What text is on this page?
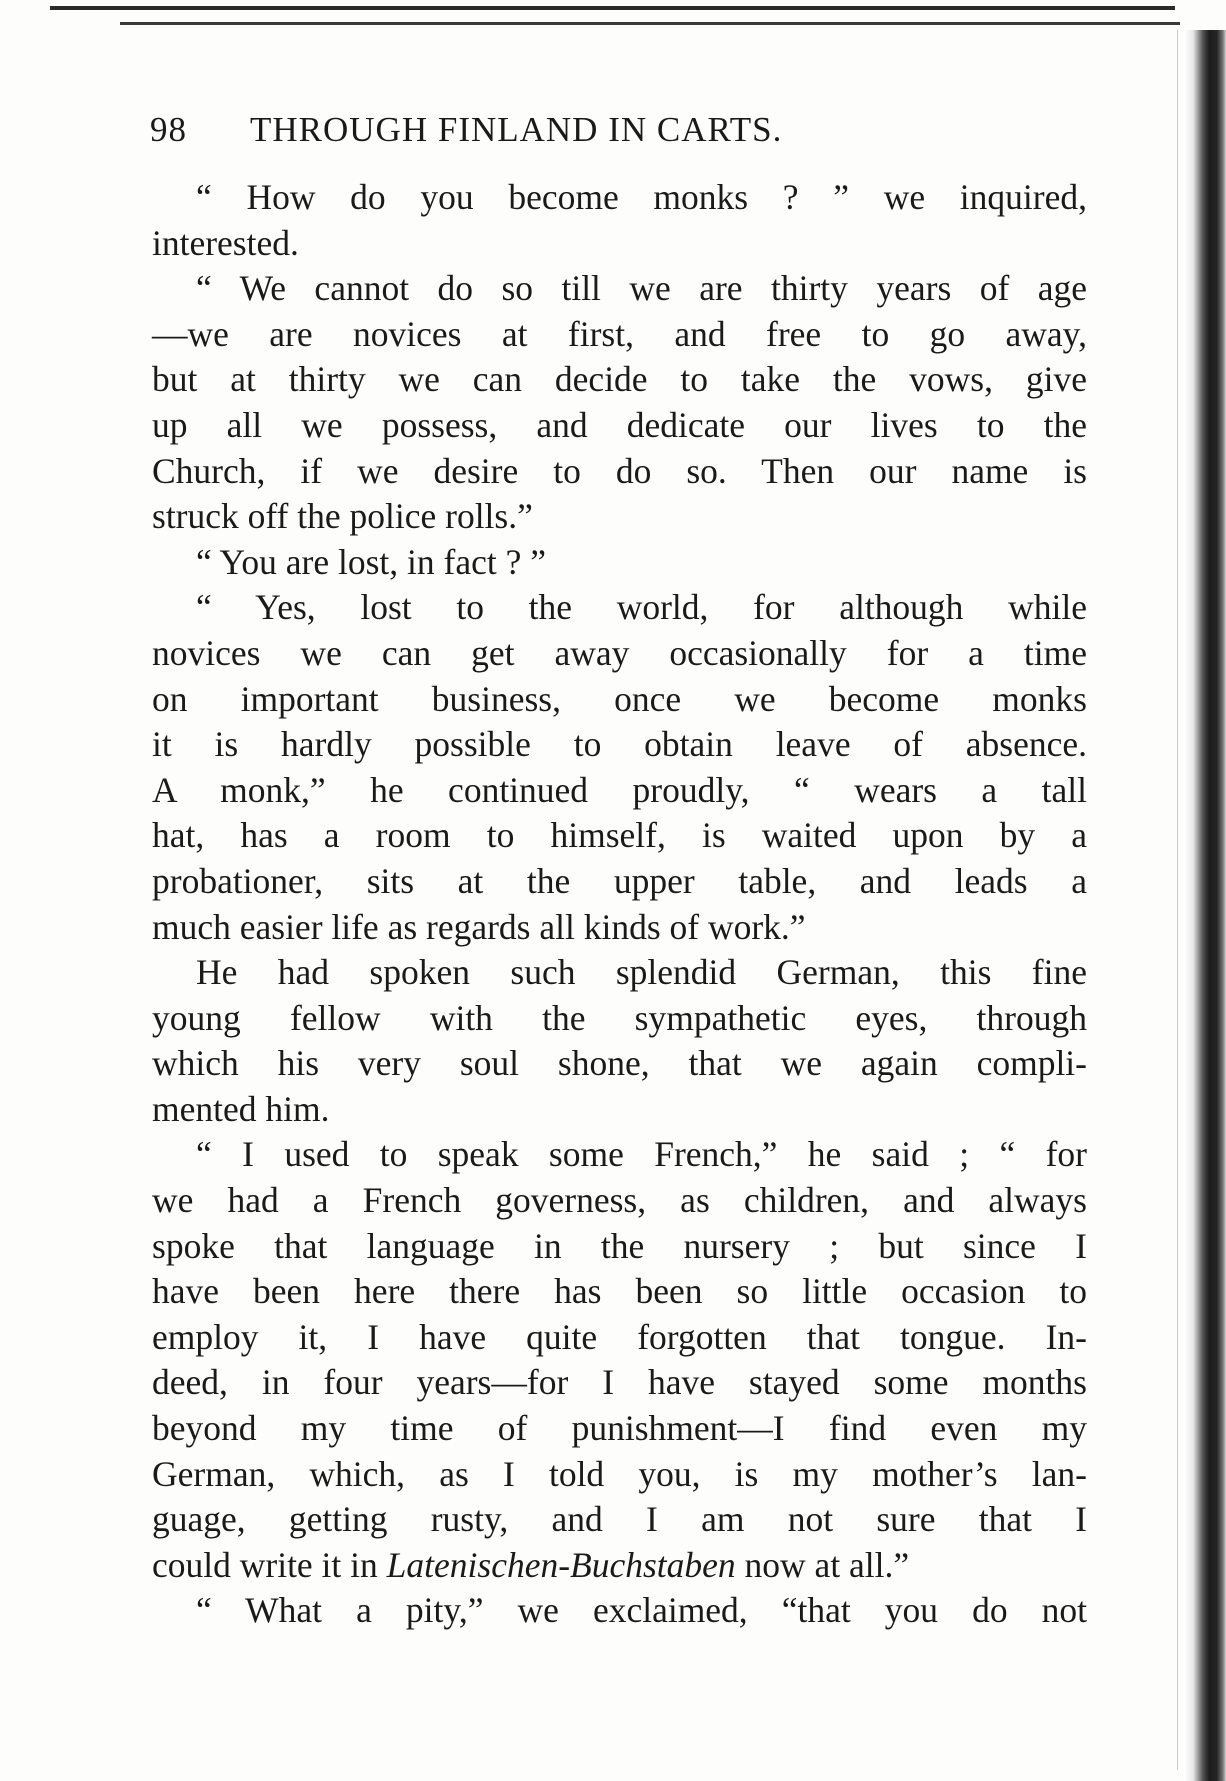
98 THROUGH FINLAND IN CARTS.
“ How do you become monks ? ” we inquired,
interested.
“ We cannot do so till we are thirty years of age
—we are novices at first, and free to go away,
but at thirty we can decide to take the vows, give
up all we possess, and dedicate our lives to the
Church, if we desire to do so. Then our name is
struck off the police rolls.”
“ You are lost, in fact ? ”
“ Yes, lost to the world, for although while
novices we can get away occasionally for a time
on important business, once we become monks
it is hardly possible to obtain leave of absence.
A monk,” he continued proudly, “ wears a tall
hat, has a room to himself, is waited upon by a
probationer, sits at the upper table, and leads a
much easier life as regards all kinds of work.”
He had spoken such splendid German, this fine
young fellow with the sympathetic eyes, through
which his very soul shone, that we again compli-
mented him.
“ I used to speak some French,” he said ; “ for
we had a French governess, as children, and always
spoke that language in the nursery ; but since I
have been here there has been so little occasion to
employ it, I have quite forgotten that tongue. In-
deed, in four years—for I have stayed some months
beyond my time of punishment—I find even my
German, which, as I told you, is my mother’s lan-
guage, getting rusty, and I am not sure that I
could write it in Latenischen-Buchstaben now at all.”
“ What a pity,” we exclaimed, “that you do not
